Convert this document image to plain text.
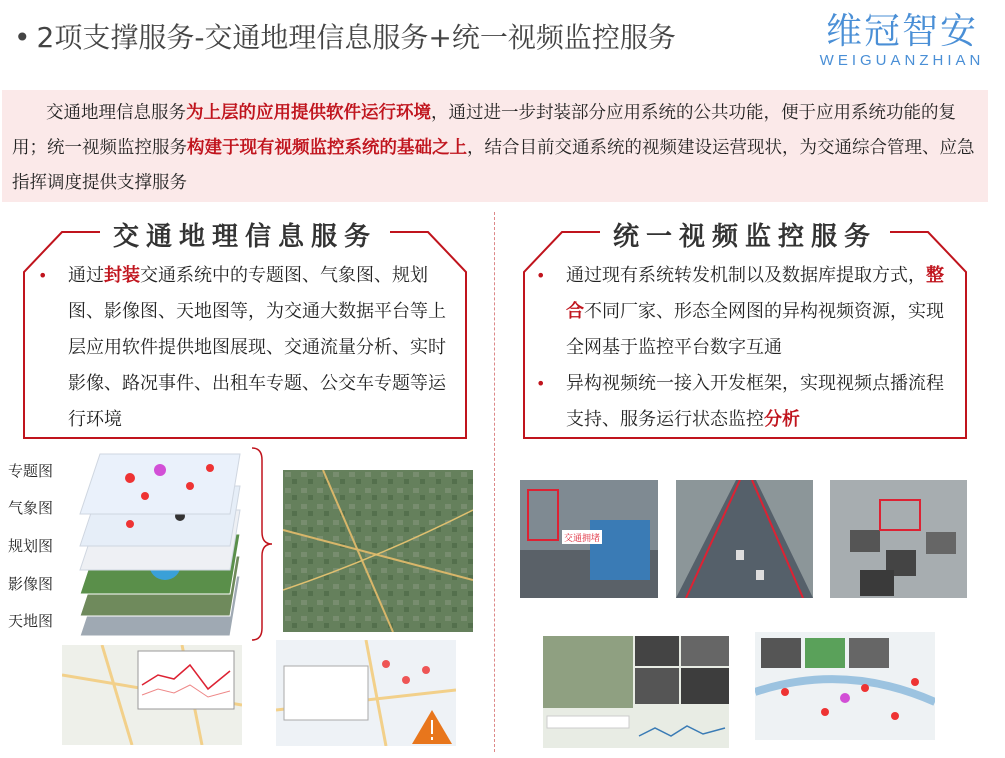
• 2项支撑服务-交通地理信息服务+统一视频监控服务	维冠智安
WEIGUANZHIAN
交通地理信息服务为上层的应用提供软件运行环境，通过进一步封装部分应用系统的公共功能，便于应用系统功能的复用；统一视频监控服务构建于现有视频监控系统的基础之上，结合目前交通系统的视频建设运营现状，为交通综合管理、应急指挥调度提供支撑服务
交通地理信息服务
• 通过封装交通系统中的专题图、气象图、规划图、影像图、天地图等，为交通大数据平台等上层应用软件提供地图展现、交通流量分析、实时影像、路况事件、出租车专题、公交车专题等运行环境
统一视频监控服务
• 通过现有系统转发机制以及数据库提取方式，整合不同厂家、形态全网图的异构视频资源，实现全网基于监控平台数字互通
• 异构视频统一接入开发框架，实现视频点播流程支持、服务运行状态监控分析
专题图
气象图
规划图
影像图
天地图
交通拥堵
